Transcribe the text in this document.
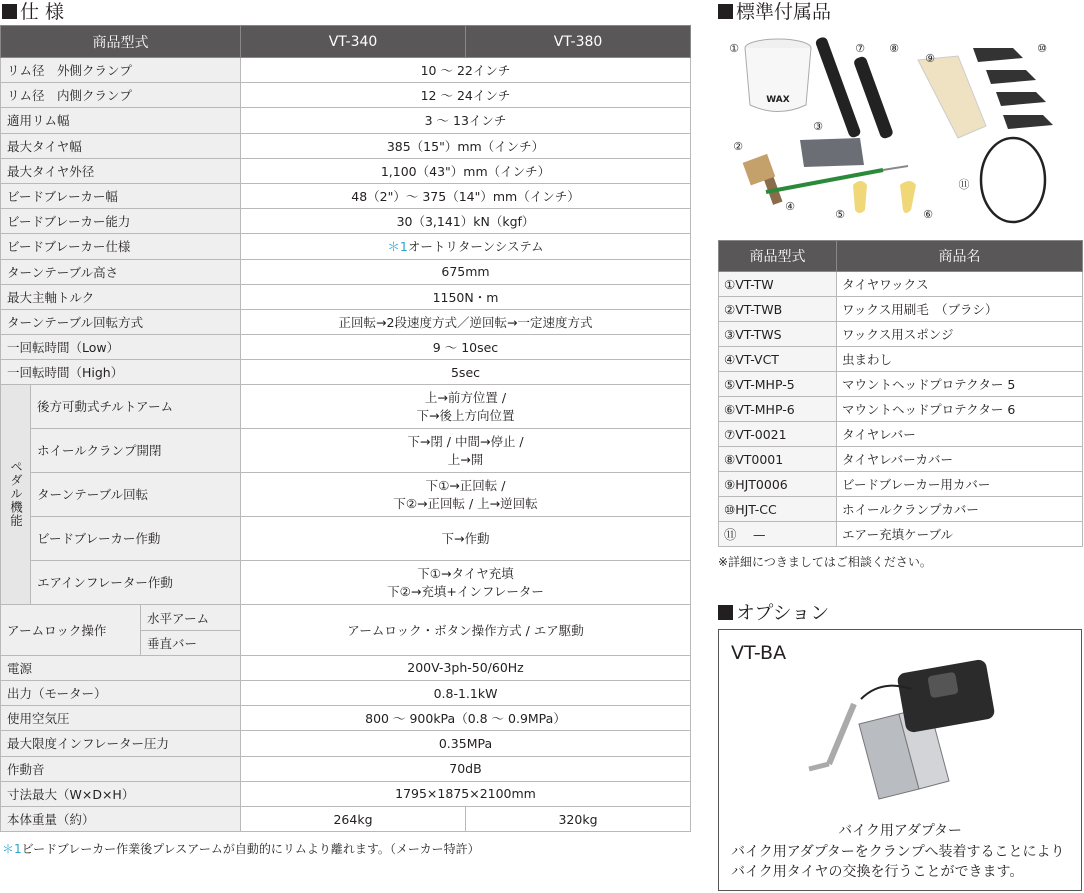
仕 様
商品型式			VT-340	VT-380
リム径　外側クランプ			10 ～ 22インチ	
リム径　内側クランプ			12 ～ 24インチ	
適用リム幅			3 ～ 13インチ	
最大タイヤ幅			385（15"）mm（インチ）	
最大タイヤ外径			1,100（43"）mm（インチ）	
ビードブレーカー幅			48（2"）～ 375（14"）mm（インチ）	
ビードブレーカー能力			30（3,141）kN（kgf）	
ビードブレーカー仕様			＊1オートリターンシステム	
ターンテーブル高さ			675mm	
最大主軸トルク			1150N・m	
ターンテーブル回転方式			正回転→2段速度方式／逆回転→一定速度方式	
一回転時間（Low）			9 ～ 10sec	
一回転時間（High）			5sec	
ペダル機能	後方可動式チルトアーム		上→前方位置 /
下→後上方向位置	

	ホイールクランプ開閉		下→閉 / 中間→停止 /
上→開	

	ターンテーブル回転		下①→正回転 /
下②→正回転 / 上→逆回転	

	ビードブレーカー作動		下→作動	

	エアインフレーター作動		下①→タイヤ充填
下②→充填+インフレーター	

アームロック操作		水平アーム	アームロック・ボタン操作方式 / エア駆動	
		垂直バー		
電源			200V-3ph-50/60Hz	
出力（モーター）			0.8-1.1kW	
使用空気圧			800 ～ 900kPa（0.8 ～ 0.9MPa）	
最大限度インフレーター圧力			0.35MPa	
作動音			70dB	
寸法最大（W×D×H）			1795×1875×2100mm	
本体重量（約）			264kg	320kg
＊1ビードブレーカー作業後プレスアームが自動的にリムより離れます。（メーカー特許）
標準付属品
WAX
①
②
③
④
⑤	⑥
⑦ ⑧
⑨
⑩
⑪
商品型式	商品名
①VT-TW	タイヤワックス
②VT-TWB	ワックス用刷毛　（ブラシ）
③VT-TWS	ワックス用スポンジ
④VT-VCT	虫まわし
⑤VT-MHP-5	マウントヘッドプロテクター 5
⑥VT-MHP-6	マウントヘッドプロテクター 6
⑦VT-0021	タイヤレバー
⑧VT0001	タイヤレバーカバー
⑨HJT0006	ビードブレーカー用カバー
⑩HJT-CC	ホイールクランプカバー
⑪　 —	エアー充填ケーブル
※詳細につきましてはご相談ください。
オプション
VT-BA
バイク用アダプター
バイク用アダプターをクランプへ装着することにより
バイク用タイヤの交換を行うことができます。
